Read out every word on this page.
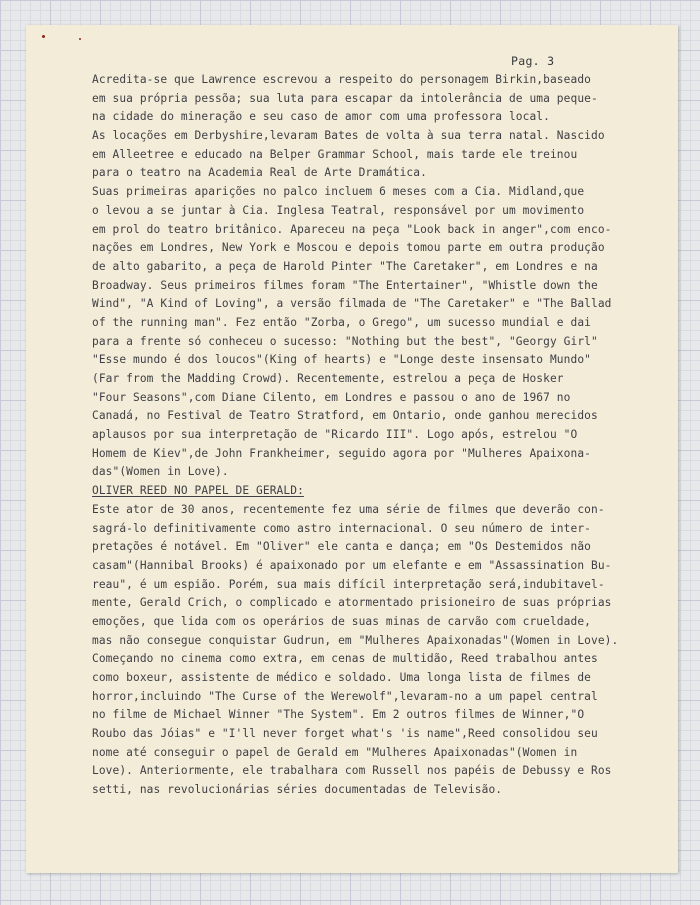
Pag. 3
Acredita-se que Lawrence escrevou a respeito do personagem Birkin,baseado
em sua própria pessõa; sua luta para escapar da intolerância de uma peque-
na cidade do mineração e seu caso de amor com uma professora local.
As locações em Derbyshire,levaram Bates de volta à sua terra natal. Nascido
em Alleetree e educado na Belper Grammar School, mais tarde ele treinou
para o teatro na Academia Real de Arte Dramática.
Suas primeiras aparições no palco incluem 6 meses com a Cia. Midland,que
o levou a se juntar à Cia. Inglesa Teatral, responsável por um movimento
em prol do teatro britânico. Apareceu na peça "Look back in anger",com enco-
nações em Londres, New York e Moscou e depois tomou parte em outra produção
de alto gabarito, a peça de Harold Pinter "The Caretaker", em Londres e na
Broadway. Seus primeiros filmes foram "The Entertainer", "Whistle down the
Wind", "A Kind of Loving", a versão filmada de "The Caretaker" e "The Ballad
of the running man". Fez então "Zorba, o Grego", um sucesso mundial e dai
para a frente só conheceu o sucesso: "Nothing but the best", "Georgy Girl"
"Esse mundo é dos loucos"(King of hearts) e "Longe deste insensato Mundo"
(Far from the Madding Crowd). Recentemente, estrelou a peça de Hosker
"Four Seasons",com Diane Cilento, em Londres e passou o ano de 1967 no
Canadá, no Festival de Teatro Stratford, em Ontario, onde ganhou merecidos
aplausos por sua interpretação de "Ricardo III". Logo após, estrelou "O
Homem de Kiev",de John Frankheimer, seguido agora por "Mulheres Apaixona-
das"(Women in Love).
OLIVER REED NO PAPEL DE GERALD:
Este ator de 30 anos, recentemente fez uma série de filmes que deverão con-
sagrá-lo definitivamente como astro internacional. O seu número de inter-
pretações é notável. Em "Oliver" ele canta e dança; em "Os Destemidos não
casam"(Hannibal Brooks) é apaixonado por um elefante e em "Assassination Bu-
reau", é um espião. Porém, sua mais difícil interpretação será,indubitavel-
mente, Gerald Crich, o complicado e atormentado prisioneiro de suas próprias
emoções, que lida com os operários de suas minas de carvão com crueldade,
mas não consegue conquistar Gudrun, em "Mulheres Apaixonadas"(Women in Love).
Começando no cinema como extra, em cenas de multidão, Reed trabalhou antes
como boxeur, assistente de médico e soldado. Uma longa lista de filmes de
horror,incluindo "The Curse of the Werewolf",levaram-no a um papel central
no filme de Michael Winner "The System". Em 2 outros filmes de Winner,"O
Roubo das Jóias" e "I'll never forget what's 'is name",Reed consolidou seu
nome até conseguir o papel de Gerald em "Mulheres Apaixonadas"(Women in
Love). Anteriormente, ele trabalhara com Russell nos papéis de Debussy e Ros
setti, nas revolucionárias séries documentadas de Televisão.
